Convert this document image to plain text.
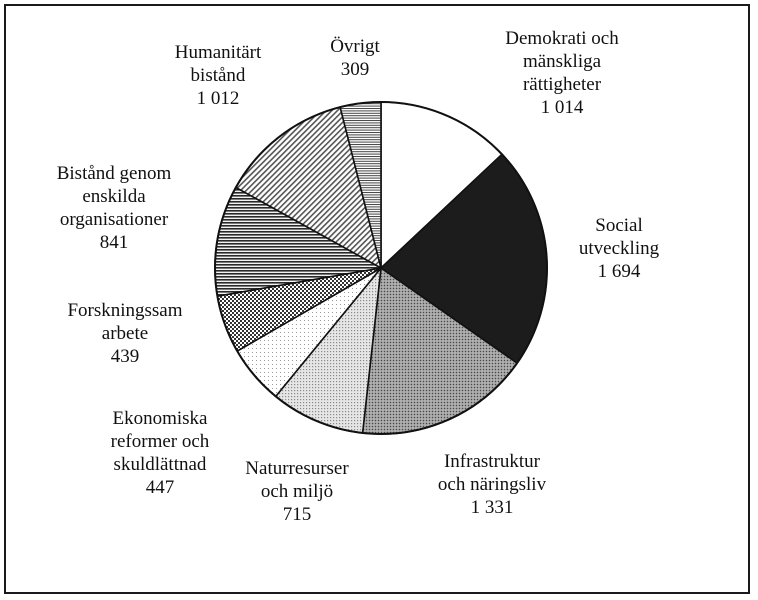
Demokrati och mänskliga rättigheter 1 014
Social utveckling 1 694
Infrastruktur och näringsliv 1 331
Naturresurser och miljö 715
Ekonomiska reformer och skuldlättnad 447
Forskningssam arbete 439
Bistånd genom enskilda organisationer 841
Humanitärt bistånd 1 012
Övrigt 309
